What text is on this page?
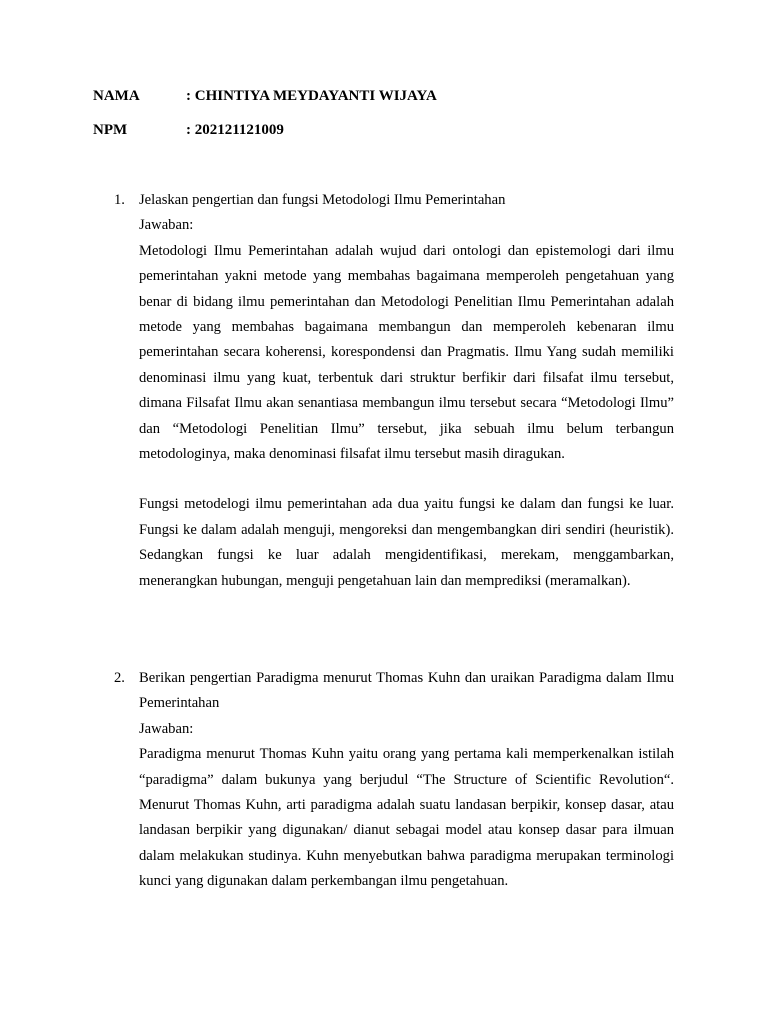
NAMA	: CHINTIYA MEYDAYANTI WIJAYA
NPM	: 202121121009
1. Jelaskan pengertian dan fungsi Metodologi Ilmu Pemerintahan

Jawaban:

Metodologi Ilmu Pemerintahan adalah wujud dari ontologi dan epistemologi dari ilmu pemerintahan yakni metode yang membahas bagaimana memperoleh pengetahuan yang benar di bidang ilmu pemerintahan dan Metodologi Penelitian Ilmu Pemerintahan adalah metode yang membahas bagaimana membangun dan memperoleh kebenaran ilmu pemerintahan secara koherensi, korespondensi dan Pragmatis. Ilmu Yang sudah memiliki denominasi ilmu yang kuat, terbentuk dari struktur berfikir dari filsafat ilmu tersebut, dimana Filsafat Ilmu akan senantiasa membangun ilmu tersebut secara “Metodologi Ilmu” dan “Metodologi Penelitian Ilmu” tersebut, jika sebuah ilmu belum terbangun metodologinya, maka denominasi filsafat ilmu tersebut masih diragukan.

Fungsi metodelogi ilmu pemerintahan ada dua yaitu fungsi ke dalam dan fungsi ke luar. Fungsi ke dalam adalah menguji, mengoreksi dan mengembangkan diri sendiri (heuristik). Sedangkan fungsi ke luar adalah mengidentifikasi, merekam, menggambarkan, menerangkan hubungan, menguji pengetahuan lain dan memprediksi (meramalkan).

2. Berikan pengertian Paradigma menurut Thomas Kuhn dan uraikan Paradigma dalam Ilmu Pemerintahan

Jawaban:

Paradigma menurut Thomas Kuhn yaitu orang yang pertama kali memperkenalkan istilah “paradigma” dalam bukunya yang berjudul “The Structure of Scientific Revolution“. Menurut Thomas Kuhn, arti paradigma adalah suatu landasan berpikir, konsep dasar, atau landasan berpikir yang digunakan/ dianut sebagai model atau konsep dasar para ilmuan dalam melakukan studinya. Kuhn menyebutkan bahwa paradigma merupakan terminologi kunci yang digunakan dalam perkembangan ilmu pengetahuan.
